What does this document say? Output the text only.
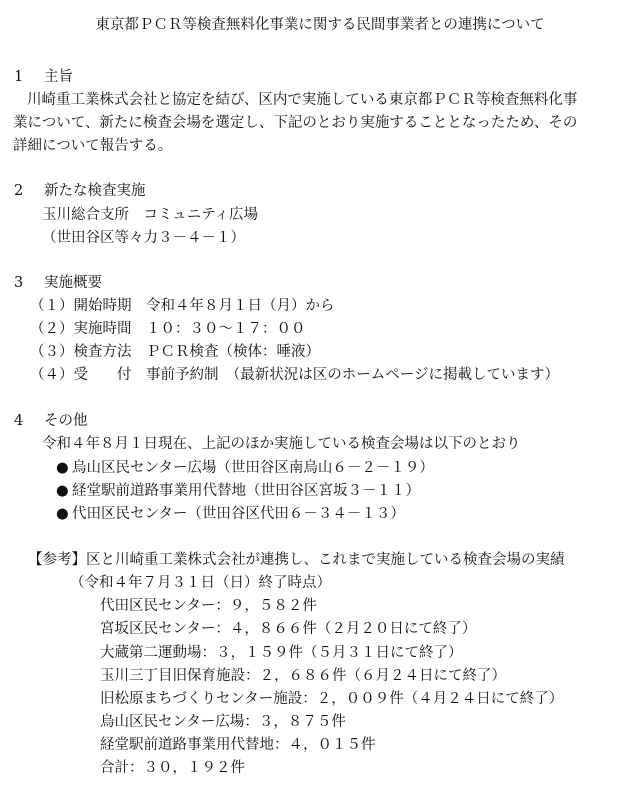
東京都ＰＣＲ等検査無料化事業に関する民間事業者との連携について
1 主旨
川崎重工業株式会社と協定を結び、区内で実施している東京都ＰＣＲ等検査無料化事
業について、新たに検査会場を選定し、下記のとおり実施することとなったため、その
詳細について報告する。
2 新たな検査実施
玉川総合支所　コミュニティ広場
（世田谷区等々力３－４－１）
3 実施概要
（１）開始時期　令和４年８月１日（月）から
（２）実施時間　１０：３０～１７：００
（３）検査方法　ＰＣＲ検査（検体：唾液）
（４）受　　付　事前予約制　（最新状況は区のホームページに掲載しています）
4 その他
令和４年８月１日現在、上記のほか実施している検査会場は以下のとおり
● 烏山区民センター広場（世田谷区南烏山６－２－１９）
● 経堂駅前道路事業用代替地（世田谷区宮坂３－１１）
● 代田区民センター（世田谷区代田６－３４－１３）
【参考】区と川崎重工業株式会社が連携し、これまで実施している検査会場の実績
（令和４年７月３１日（日）終了時点）
代田区民センター：９，５８２件
宮坂区民センター：４，８６６件（２月２０日にて終了）
大蔵第二運動場：３，１５９件（５月３１日にて終了）
玉川三丁目旧保育施設：２，６８６件（６月２４日にて終了）
旧松原まちづくりセンター施設：２，００９件（４月２４日にて終了）
烏山区民センター広場：３，８７５件
経堂駅前道路事業用代替地：４，０１５件
合計：３０，１９２件
